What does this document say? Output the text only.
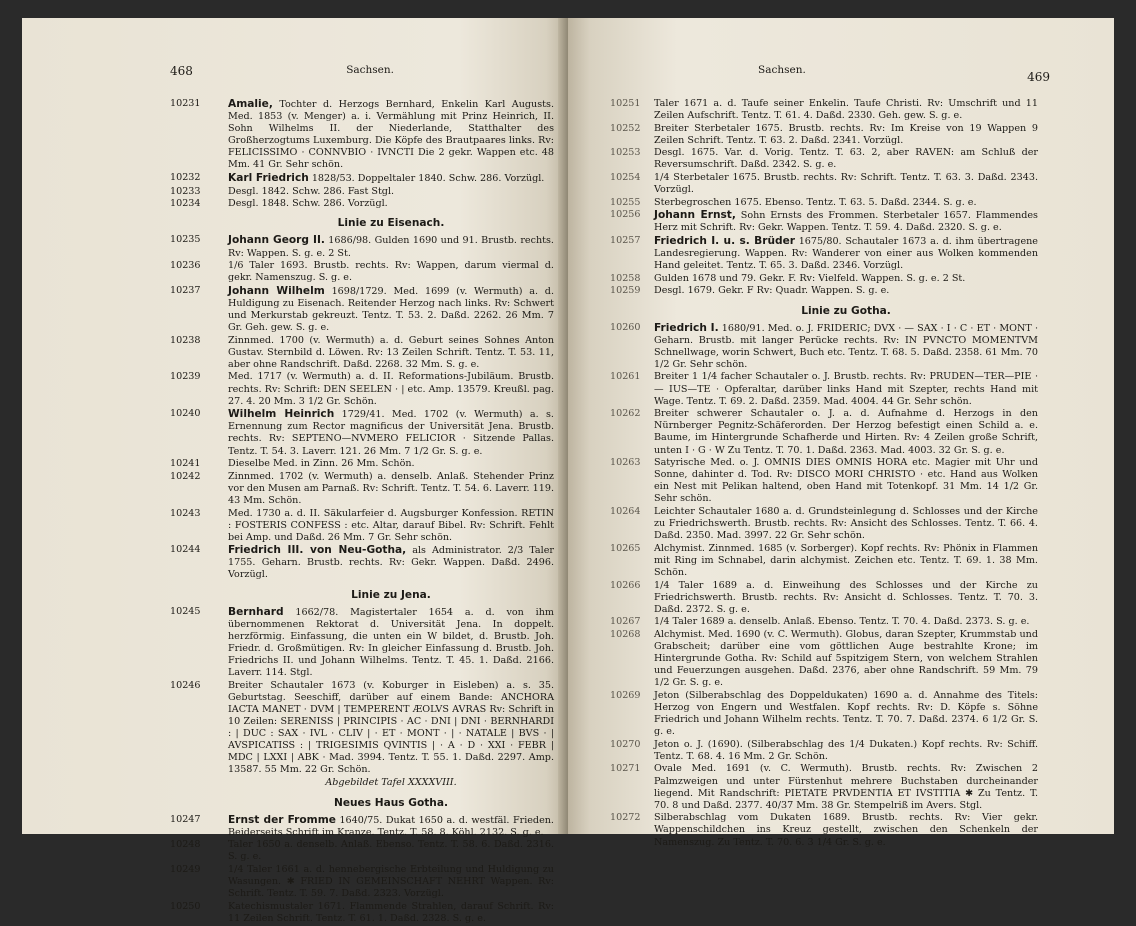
468	Sachsen.
10231	Amalie, Tochter d. Herzogs Bernhard, Enkelin Karl Augusts. Med. 1853 (v. Menger) a. i. Vermählung mit Prinz Heinrich, II. Sohn Wilhelms II. der Niederlande, Statthalter des Großherzogtums Luxemburg. Die Köpfe des Brautpaares links. Rv: FELICISSIMO · CONNVBIO · IVNCTI Die 2 gekr. Wappen etc. 48 Mm. 41 Gr. Sehr schön.
10232	Karl Friedrich 1828/53. Doppeltaler 1840. Schw. 286. Vorzügl.
10233	Desgl. 1842. Schw. 286. Fast Stgl.
10234	Desgl. 1848. Schw. 286. Vorzügl.
Linie zu Eisenach.
10235	Johann Georg II. 1686/98. Gulden 1690 und 91. Brustb. rechts. Rv: Wappen. S. g. e. 2 St.
10236	1/6 Taler 1693. Brustb. rechts. Rv: Wappen, darum viermal d. gekr. Namenszug. S. g. e.
10237	Johann Wilhelm 1698/1729. Med. 1699 (v. Wermuth) a. d. Huldigung zu Eisenach. Reitender Herzog nach links. Rv: Schwert und Merkurstab gekreuzt. Tentz. T. 53. 2. Daßd. 2262. 26 Mm. 7 Gr. Geh. gew. S. g. e.
10238	Zinnmed. 1700 (v. Wermuth) a. d. Geburt seines Sohnes Anton Gustav. Sternbild d. Löwen. Rv: 13 Zeilen Schrift. Tentz. T. 53. 11, aber ohne Randschrift. Daßd. 2268. 32 Mm. S. g. e.
10239	Med. 1717 (v. Wermuth) a. d. II. Reformations-Jubiläum. Brustb. rechts. Rv: Schrift: DEN SEELEN · | etc. Amp. 13579. Kreußl. pag. 27. 4. 20 Mm. 3 1/2 Gr. Schön.
10240	Wilhelm Heinrich 1729/41. Med. 1702 (v. Wermuth) a. s. Ernennung zum Rector magnificus der Universität Jena. Brustb. rechts. Rv: SEPTENO—NVMERO FELICIOR · Sitzende Pallas. Tentz. T. 54. 3. Laverr. 121. 26 Mm. 7 1/2 Gr. S. g. e.
10241	Dieselbe Med. in Zinn. 26 Mm. Schön.
10242	Zinnmed. 1702 (v. Wermuth) a. denselb. Anlaß. Stehender Prinz vor den Musen am Parnaß. Rv: Schrift. Tentz. T. 54. 6. Laverr. 119. 43 Mm. Schön.
10243	Med. 1730 a. d. II. Säkularfeier d. Augsburger Konfession. RETIN : FOSTERIS CONFESS : etc. Altar, darauf Bibel. Rv: Schrift. Fehlt bei Amp. und Daßd. 26 Mm. 7 Gr. Sehr schön.
10244	Friedrich III. von Neu-Gotha, als Administrator. 2/3 Taler 1755. Geharn. Brustb. rechts. Rv: Gekr. Wappen. Daßd. 2496. Vorzügl.
Linie zu Jena.
10245	Bernhard 1662/78. Magistertaler 1654 a. d. von ihm übernommenen Rektorat d. Universität Jena. In doppelt. herzförmig. Einfassung, die unten ein W bildet, d. Brustb. Joh. Friedr. d. Großmütigen. Rv: In gleicher Einfassung d. Brustb. Joh. Friedrichs II. und Johann Wilhelms. Tentz. T. 45. 1. Daßd. 2166. Laverr. 114. Stgl.
10246	Breiter Schautaler 1673 (v. Koburger in Eisleben) a. s. 35. Geburtstag. Seeschiff, darüber auf einem Bande: ANCHORA IACTA MANET · DVM | TEMPERENT ÆOLVS AVRAS Rv: Schrift in 10 Zeilen: SERENISS | PRINCIPIS · AC · DNI | DNI · BERNHARDI : | DUC : SAX · IVL · CLIV | · ET · MONT · | · NATALE | BVS · | AVSPICATISS : | TRIGESIMIS QVINTIS | · A · D · XXI · FEBR | MDC | LXXI | ABK · Mad. 3994. Tentz. T. 55. 1. Daßd. 2297. Amp. 13587. 55 Mm. 22 Gr. Schön.
Abgebildet Tafel XXXXVIII.
Neues Haus Gotha.
10247	Ernst der Fromme 1640/75. Dukat 1650 a. d. westfäl. Frieden. Beiderseits Schrift im Kranze. Tentz. T. 58. 8. Köhl. 2132. S. g. e.
10248	Taler 1650 a. denselb. Anlaß. Ebenso. Tentz. T. 58. 6. Daßd. 2316. S. g. e.
10249	1/4 Taler 1661 a. d. hennebergische Erbteilung und Huldigung zu Wasungen. ✱ FRIED IN GEMEINSCHAFT NEHRT Wappen. Rv: Schrift. Tentz. T. 59. 7. Daßd. 2323. Vorzügl.
10250	Katechismustaler 1671. Flammende Strahlen, darauf Schrift. Rv: 11 Zeilen Schrift. Tentz. T. 61. 1. Daßd. 2328. S. g. e.
Sachsen.	469
10251	Taler 1671 a. d. Taufe seiner Enkelin. Taufe Christi. Rv: Umschrift und 11 Zeilen Aufschrift. Tentz. T. 61. 4. Daßd. 2330. Geh. gew. S. g. e.
10252	Breiter Sterbetaler 1675. Brustb. rechts. Rv: Im Kreise von 19 Wappen 9 Zeilen Schrift. Tentz. T. 63. 2. Daßd. 2341. Vorzügl.
10253	Desgl. 1675. Var. d. Vorig. Tentz. T. 63. 2, aber RAVEN: am Schluß der Reversumschrift. Daßd. 2342. S. g. e.
10254	1/4 Sterbetaler 1675. Brustb. rechts. Rv: Schrift. Tentz. T. 63. 3. Daßd. 2343. Vorzügl.
10255	Sterbegroschen 1675. Ebenso. Tentz. T. 63. 5. Daßd. 2344. S. g. e.
10256	Johann Ernst, Sohn Ernsts des Frommen. Sterbetaler 1657. Flammendes Herz mit Schrift. Rv: Gekr. Wappen. Tentz. T. 59. 4. Daßd. 2320. S. g. e.
10257	Friedrich I. u. s. Brüder 1675/80. Schautaler 1673 a. d. ihm übertragene Landesregierung. Wappen. Rv: Wanderer von einer aus Wolken kommenden Hand geleitet. Tentz. T. 65. 3. Daßd. 2346. Vorzügl.
10258	Gulden 1678 und 79. Gekr. F. Rv: Vielfeld. Wappen. S. g. e. 2 St.
10259	Desgl. 1679. Gekr. F Rv: Quadr. Wappen. S. g. e.
Linie zu Gotha.
10260	Friedrich I. 1680/91. Med. o. J. FRIDERIC; DVX · — SAX · I · C · ET · MONT · Geharn. Brustb. mit langer Perücke rechts. Rv: IN PVNCTO MOMENTVM Schnellwage, worin Schwert, Buch etc. Tentz. T. 68. 5. Daßd. 2358. 61 Mm. 70 1/2 Gr. Sehr schön.
10261	Breiter 1 1/4 facher Schautaler o. J. Brustb. rechts. Rv: PRUDEN—TER—PIE · — IUS—TE · Opferaltar, darüber links Hand mit Szepter, rechts Hand mit Wage. Tentz. T. 69. 2. Daßd. 2359. Mad. 4004. 44 Gr. Sehr schön.
10262	Breiter schwerer Schautaler o. J. a. d. Aufnahme d. Herzogs in den Nürnberger Pegnitz-Schäferorden. Der Herzog befestigt einen Schild a. e. Baume, im Hintergrunde Schafherde und Hirten. Rv: 4 Zeilen große Schrift, unten I · G · W Zu Tentz. T. 70. 1. Daßd. 2363. Mad. 4003. 32 Gr. S. g. e.
10263	Satyrische Med. o. J. OMNIS DIES OMNIS HORA etc. Magier mit Uhr und Sonne, dahinter d. Tod. Rv: DISCO MORI CHRISTO · etc. Hand aus Wolken ein Nest mit Pelikan haltend, oben Hand mit Totenkopf. 31 Mm. 14 1/2 Gr. Sehr schön.
10264	Leichter Schautaler 1680 a. d. Grundsteinlegung d. Schlosses und der Kirche zu Friedrichswerth. Brustb. rechts. Rv: Ansicht des Schlosses. Tentz. T. 66. 4. Daßd. 2350. Mad. 3997. 22 Gr. Sehr schön.
10265	Alchymist. Zinnmed. 1685 (v. Sorberger). Kopf rechts. Rv: Phönix in Flammen mit Ring im Schnabel, darin alchymist. Zeichen etc. Tentz. T. 69. 1. 38 Mm. Schön.
10266	1/4 Taler 1689 a. d. Einweihung des Schlosses und der Kirche zu Friedrichswerth. Brustb. rechts. Rv: Ansicht d. Schlosses. Tentz. T. 70. 3. Daßd. 2372. S. g. e.
10267	1/4 Taler 1689 a. denselb. Anlaß. Ebenso. Tentz. T. 70. 4. Daßd. 2373. S. g. e.
10268	Alchymist. Med. 1690 (v. C. Wermuth). Globus, daran Szepter, Krummstab und Grabscheit; darüber eine vom göttlichen Auge bestrahlte Krone; im Hintergrunde Gotha. Rv: Schild auf 5spitzigem Stern, von welchem Strahlen und Feuerzungen ausgehen. Daßd. 2376, aber ohne Randschrift. 59 Mm. 79 1/2 Gr. S. g. e.
10269	Jeton (Silberabschlag des Doppeldukaten) 1690 a. d. Annahme des Titels: Herzog von Engern und Westfalen. Kopf rechts. Rv: D. Köpfe s. Söhne Friedrich und Johann Wilhelm rechts. Tentz. T. 70. 7. Daßd. 2374. 6 1/2 Gr. S. g. e.
10270	Jeton o. J. (1690). (Silberabschlag des 1/4 Dukaten.) Kopf rechts. Rv: Schiff. Tentz. T. 68. 4. 16 Mm. 2 Gr. Schön.
10271	Ovale Med. 1691 (v. C. Wermuth). Brustb. rechts. Rv: Zwischen 2 Palmzweigen und unter Fürstenhut mehrere Buchstaben durcheinander liegend. Mit Randschrift: PIETATE PRVDENTIA ET IVSTITIA ✱ Zu Tentz. T. 70. 8 und Daßd. 2377. 40/37 Mm. 38 Gr. Stempelriß im Avers. Stgl.
10272	Silberabschlag vom Dukaten 1689. Brustb. rechts. Rv: Vier gekr. Wappenschildchen ins Kreuz gestellt, zwischen den Schenkeln der Namenszug. Zu Tentz. T. 70. 6. 3 1/4 Gr. S. g. e.
